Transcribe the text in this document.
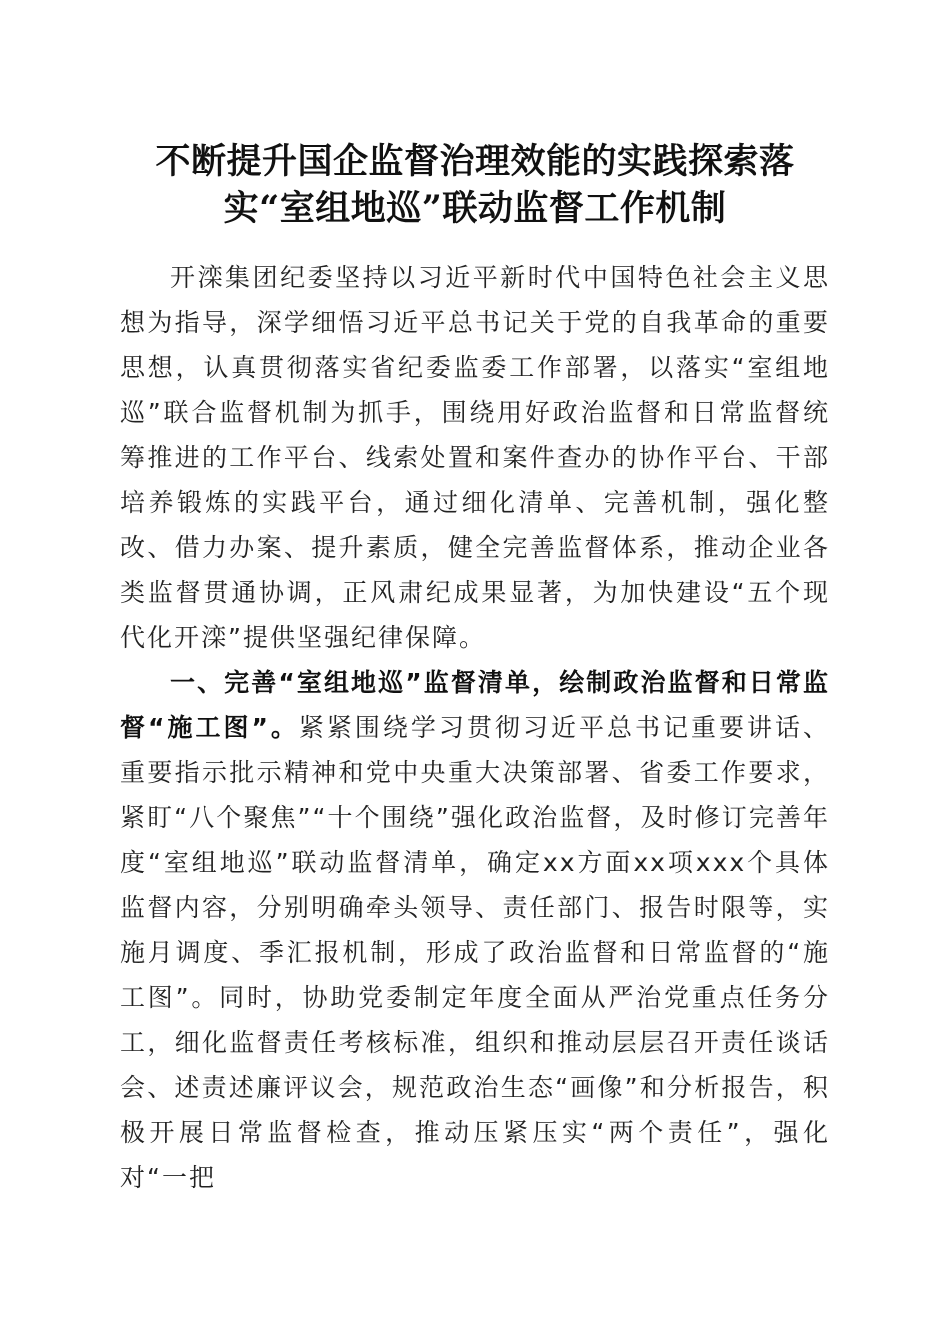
不断提升国企监督治理效能的实践探索落实“室组地巡”联动监督工作机制

开滦集团纪委坚持以习近平新时代中国特色社会主义思想为指导，深学细悟习近平总书记关于党的自我革命的重要思想，认真贯彻落实省纪委监委工作部署，以落实“室组地巡”联合监督机制为抓手，围绕用好政治监督和日常监督统筹推进的工作平台、线索处置和案件查办的协作平台、干部培养锻炼的实践平台，通过细化清单、完善机制，强化整改、借力办案、提升素质，健全完善监督体系，推动企业各类监督贯通协调，正风肃纪成果显著，为加快建设“五个现代化开滦”提供坚强纪律保障。

一、完善“室组地巡”监督清单，绘制政治监督和日常监督“施工图”。紧紧围绕学习贯彻习近平总书记重要讲话、重要指示批示精神和党中央重大决策部署、省委工作要求，紧盯“八个聚焦”“十个围绕”强化政治监督，及时修订完善年度“室组地巡”联动监督清单，确定xx方面xx项xxx个具体监督内容，分别明确牵头领导、责任部门、报告时限等，实施月调度、季汇报机制，形成了政治监督和日常监督的“施工图”。同时，协助党委制定年度全面从严治党重点任务分工，细化监督责任考核标准，组织和推动层层召开责任谈话会、述责述廉评议会，规范政治生态“画像”和分析报告，积极开展日常监督检查，推动压紧压实“两个责任”，强化对“一把
